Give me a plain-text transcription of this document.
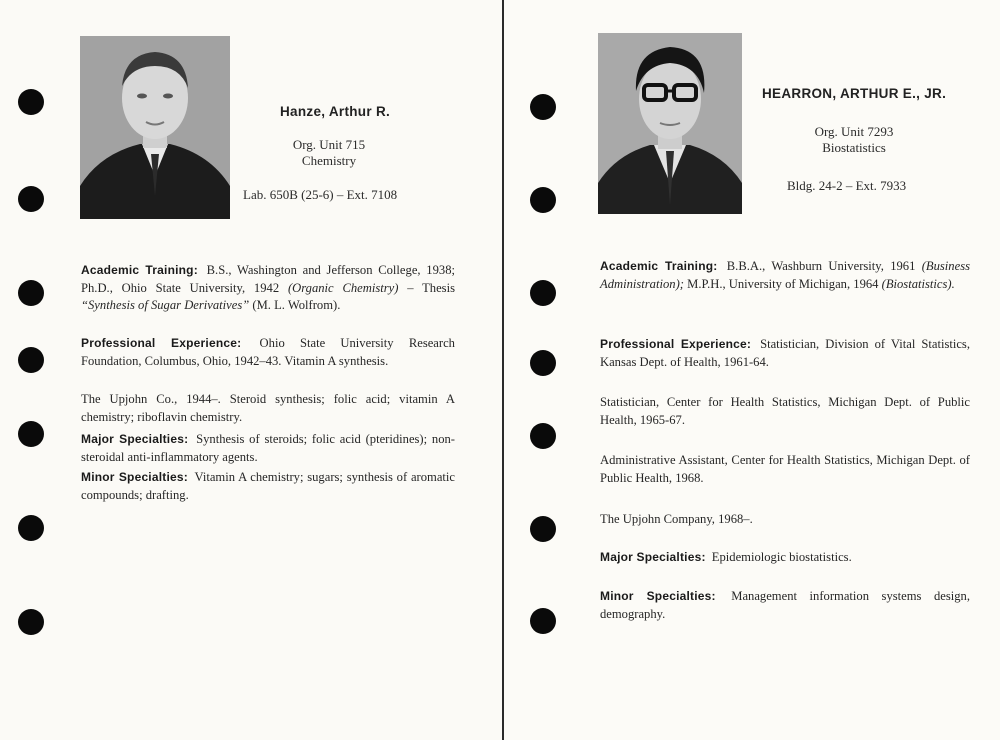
Hanze, Arthur R.
Org. Unit 715
Chemistry
Lab. 650B (25-6) – Ext. 7108
Academic Training: B.S., Washington and Jefferson College, 1938; Ph.D., Ohio State University, 1942 (Organic Chemistry) – Thesis “Synthesis of Sugar Derivatives” (M. L. Wolfrom).
Professional Experience: Ohio State University Research Foundation, Columbus, Ohio, 1942–43. Vitamin A synthesis.
The Upjohn Co., 1944–. Steroid synthesis; folic acid; vitamin A chemistry; riboflavin chemistry.
Major Specialties: Synthesis of steroids; folic acid (pteridines); non-steroidal anti-inflammatory agents.
Minor Specialties: Vitamin A chemistry; sugars; synthesis of aromatic compounds; drafting.
HEARRON, ARTHUR E., JR.
Org. Unit 7293
Biostatistics
Bldg. 24-2 – Ext. 7933
Academic Training: B.B.A., Washburn University, 1961 (Business Administration); M.P.H., University of Michigan, 1964 (Biostatistics).
Professional Experience: Statistician, Division of Vital Statistics, Kansas Dept. of Health, 1961-64.
Statistician, Center for Health Statistics, Michigan Dept. of Public Health, 1965-67.
Administrative Assistant, Center for Health Statistics, Michigan Dept. of Public Health, 1968.
The Upjohn Company, 1968–.
Major Specialties: Epidemiologic biostatistics.
Minor Specialties: Management information systems design, demography.
